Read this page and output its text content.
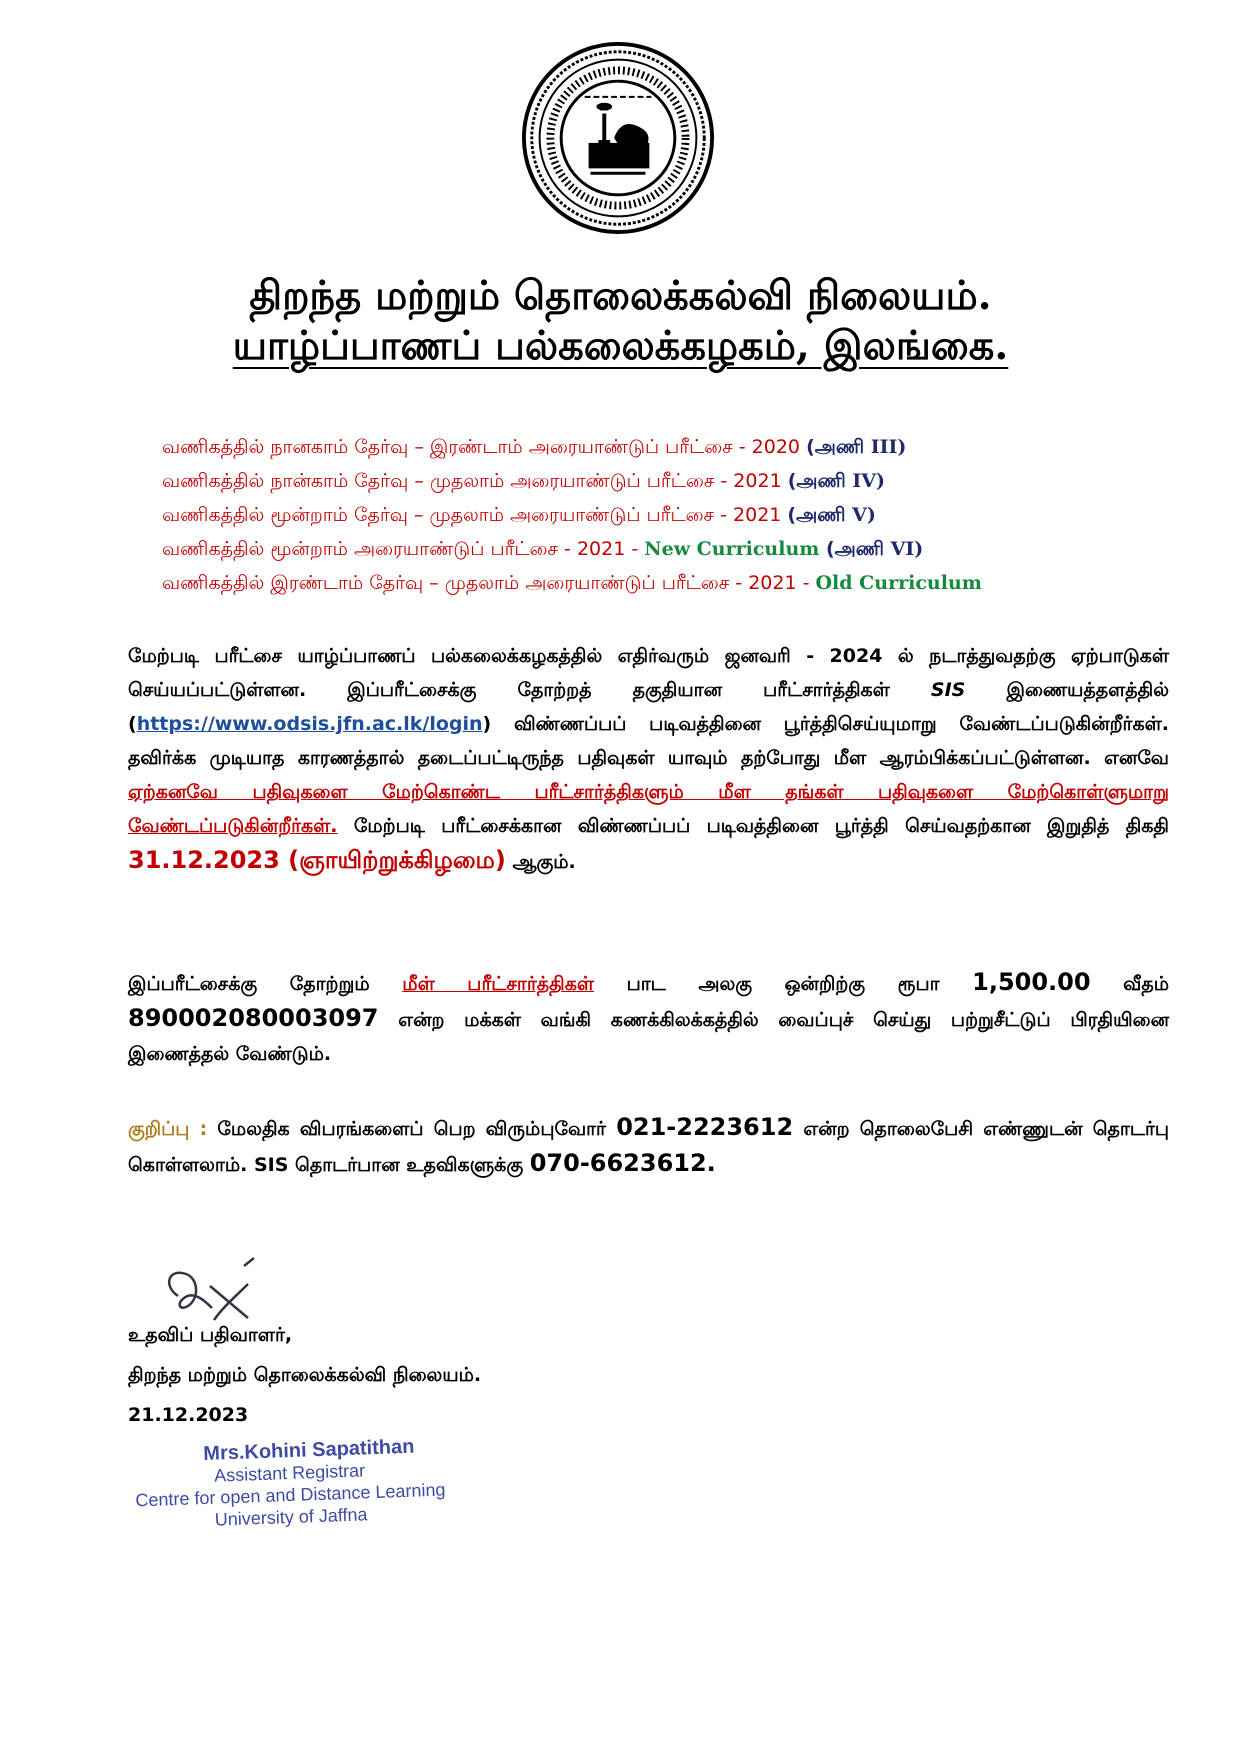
திறந்த மற்றும் தொலைக்கல்வி நிலையம்.
யாழ்ப்பாணப் பல்கலைக்கழகம், இலங்கை.
வணிகத்தில் நானகாம் தேர்வு – இரண்டாம் அரையாண்டுப் பரீட்சை - 2020 (அணி III)
வணிகத்தில் நான்காம் தேர்வு – முதலாம் அரையாண்டுப் பரீட்சை - 2021 (அணி IV)
வணிகத்தில் மூன்றாம் தேர்வு – முதலாம் அரையாண்டுப் பரீட்சை - 2021 (அணி V)
வணிகத்தில் மூன்றாம் அரையாண்டுப் பரீட்சை - 2021 - New Curriculum (அணி VI)
வணிகத்தில் இரண்டாம் தேர்வு – முதலாம் அரையாண்டுப் பரீட்சை - 2021 - Old Curriculum
மேற்படி பரீட்சை யாழ்ப்பாணப் பல்கலைக்கழகத்தில் எதிர்வரும் ஜனவரி - 2024 ல் நடாத்துவதற்கு ஏற்பாடுகள் செய்யப்பட்டுள்ளன. இப்பரீட்சைக்கு தோற்றத் தகுதியான பரீட்சார்த்திகள் SIS இணையத்தளத்தில் (https://www.odsis.jfn.ac.lk/login) விண்ணப்பப் படிவத்தினை பூர்த்திசெய்யுமாறு வேண்டப்படுகின்றீர்கள். தவிர்க்க முடியாத காரணத்தால் தடைப்பட்டிருந்த பதிவுகள் யாவும் தற்போது மீள ஆரம்பிக்கப்பட்டுள்ளன. எனவே ஏற்கனவே பதிவுகளை மேற்கொண்ட பரீட்சார்த்திகளும் மீள தங்கள் பதிவுகளை மேற்கொள்ளுமாறு வேண்டப்படுகின்றீர்கள். மேற்படி பரீட்சைக்கான விண்ணப்பப் படிவத்தினை பூர்த்தி செய்வதற்கான இறுதித் திகதி 31.12.2023 (ஞாயிற்றுக்கிழமை) ஆகும்.
இப்பரீட்சைக்கு தோற்றும் மீள் பரீட்சார்த்திகள் பாட அலகு ஒன்றிற்கு ரூபா 1,500.00 வீதம் 890002080003097 என்ற மக்கள் வங்கி கணக்கிலக்கத்தில் வைப்புச் செய்து பற்றுசீட்டுப் பிரதியினை இணைத்தல் வேண்டும்.
குறிப்பு : மேலதிக விபரங்களைப் பெற விரும்புவோர் 021-2223612 என்ற தொலைபேசி எண்ணுடன் தொடர்பு கொள்ளலாம். SIS தொடர்பான உதவிகளுக்கு 070-6623612.
உதவிப் பதிவாளர்,
திறந்த மற்றும் தொலைக்கல்வி நிலையம்.
21.12.2023
Mrs.Kohini Sapatithan
Assistant Registrar
Centre for open and Distance Learning
University of Jaffna
